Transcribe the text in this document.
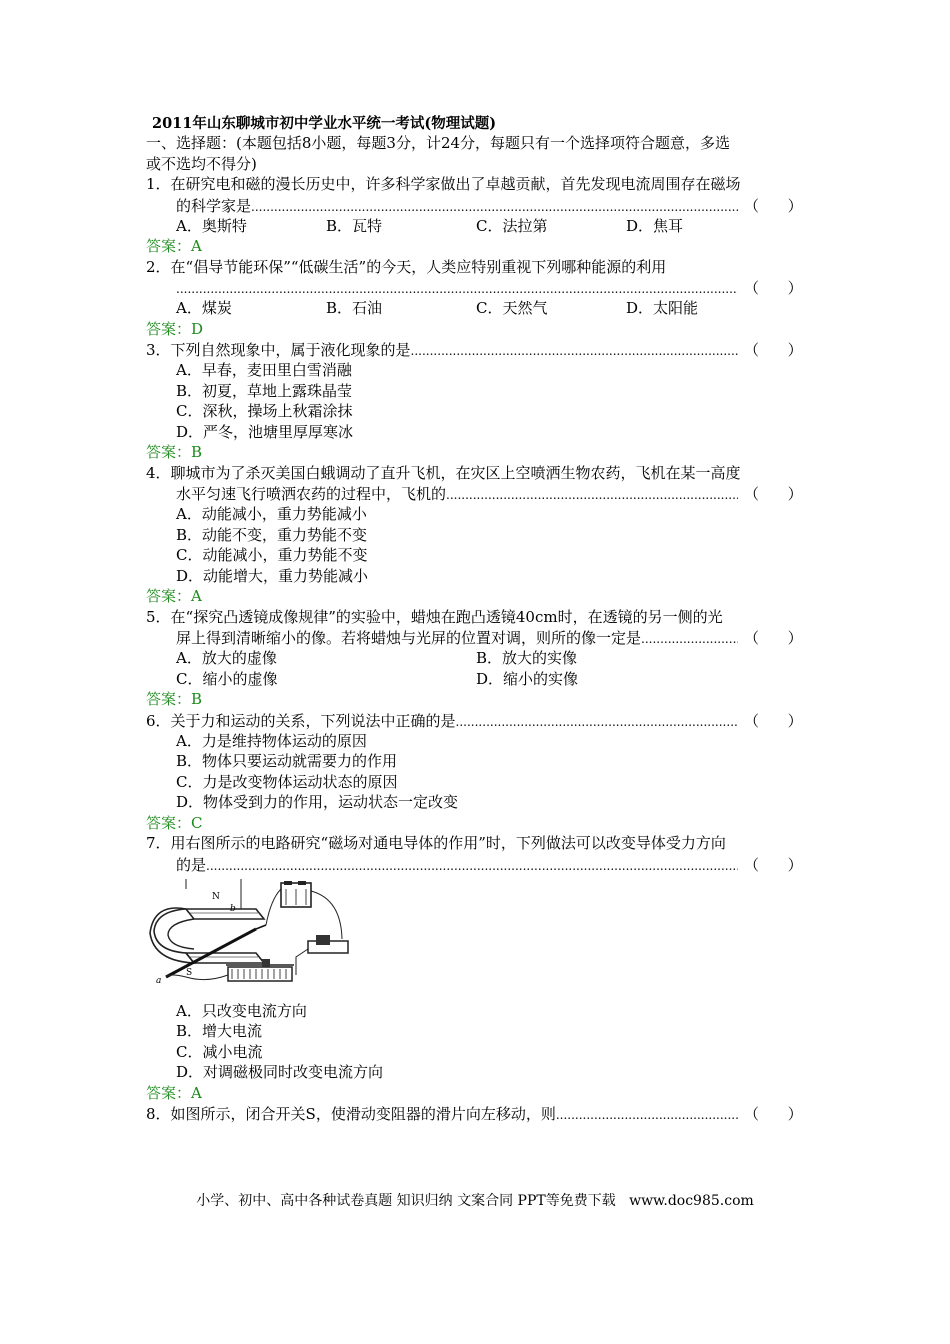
2011年山东聊城市初中学业水平统一考试(物理试题)
一、选择题：(本题包括8小题，每题3分，计24分，每题只有一个选择项符合题意，多选
或不选均不得分)
1．在研究电和磁的漫长历史中，许多科学家做出了卓越贡献，首先发现电流周围存在磁场
的科学家是 .....	（      ）
A．奥斯特	B．瓦特	C．法拉第	D．焦耳
答案：A
2．在“倡导节能环保”“低碳生活”的今天，人类应特别重视下列哪种能源的利用
.....
（      ）
A．煤炭	B．石油	C．天然气	D．太阳能
答案：D
3．下列自然现象中，属于液化现象的是 .....	（      ）
A．早春，麦田里白雪消融
B．初夏，草地上露珠晶莹
C．深秋，操场上秋霜涂抹
D．严冬，池塘里厚厚寒冰
答案：B
4．聊城市为了杀灭美国白蛾调动了直升飞机，在灾区上空喷洒生物农药，飞机在某一高度
水平匀速飞行喷洒农药的过程中，飞机的 .....	（      ）
A．动能减小，重力势能减小
B．动能不变，重力势能不变
C．动能减小，重力势能不变
D．动能增大，重力势能减小
答案：A
5．在“探究凸透镜成像规律”的实验中，蜡烛在跑凸透镜40cm时，在透镜的另一侧的光
屏上得到清晰缩小的像。若将蜡烛与光屏的位置对调，则所的像一定是 .....	（      ）
A．放大的虚像	B．放大的实像
C．缩小的虚像	D．缩小的实像
答案：B
6．关于力和运动的关系，下列说法中正确的是 .....	（      ）
A．力是维持物体运动的原因
B．物体只要运动就需要力的作用
C．力是改变物体运动状态的原因
D．物体受到力的作用，运动状态一定改变
答案：C
7．用右图所示的电路研究“磁场对通电导体的作用”时，下列做法可以改变导体受力方向
的是 .....	（      ）
N
b
a
S
A．只改变电流方向
B．增大电流
C．减小电流
D．对调磁极同时改变电流方向
答案：A
8．如图所示，闭合开关S，使滑动变阻器的滑片向左移动，则 .....	（      ）
小学、初中、高中各种试卷真题 知识归纳 文案合同 PPT等免费下载   www.doc985.com
